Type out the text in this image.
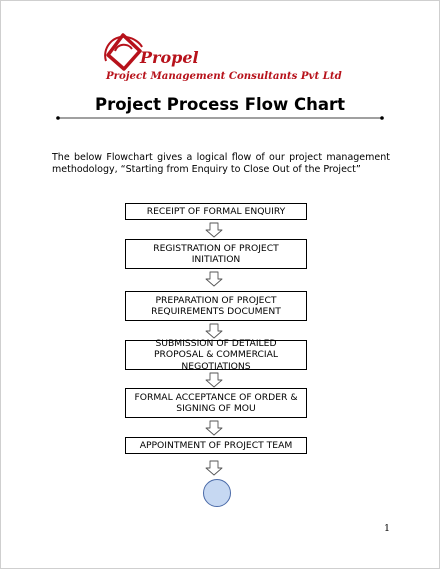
Propel
Project Management Consultants Pvt Ltd
Project Process Flow Chart
The below Flowchart gives a logical flow of our project management methodology, “Starting from Enquiry to Close Out of the Project”
RECEIPT OF FORMAL ENQUIRY
REGISTRATION OF PROJECT INITIATION
PREPARATION OF PROJECT REQUIREMENTS DOCUMENT
SUBMISSION OF DETAILED PROPOSAL & COMMERCIAL NEGOTIATIONS
FORMAL ACCEPTANCE OF ORDER & SIGNING OF MOU
APPOINTMENT OF PROJECT TEAM
1
